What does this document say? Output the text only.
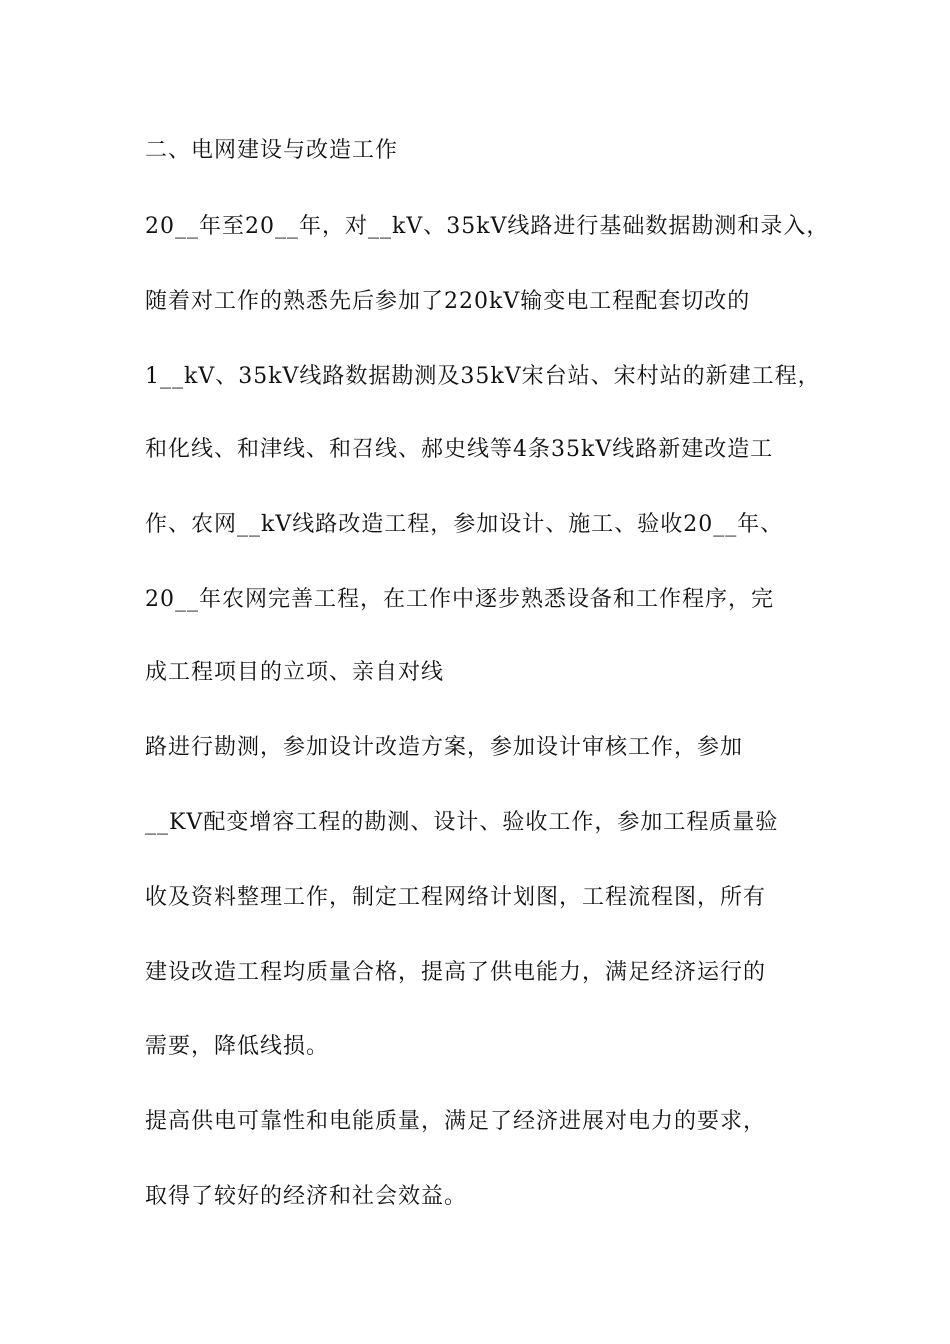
二、电网建设与改造工作
20__年至20__年，对__kV、35kV线路进行基础数据勘测和录入，
随着对工作的熟悉先后参加了220kV输变电工程配套切改的
1__kV、35kV线路数据勘测及35kV宋台站、宋村站的新建工程，
和化线、和津线、和召线、郝史线等4条35kV线路新建改造工
作、农网__kV线路改造工程，参加设计、施工、验收20__年、
20__年农网完善工程，在工作中逐步熟悉设备和工作程序，完
成工程项目的立项、亲自对线
路进行勘测，参加设计改造方案，参加设计审核工作，参加
__KV配变增容工程的勘测、设计、验收工作，参加工程质量验
收及资料整理工作，制定工程网络计划图，工程流程图，所有
建设改造工程均质量合格，提高了供电能力，满足经济运行的
需要，降低线损。
提高供电可靠性和电能质量，满足了经济进展对电力的要求，
取得了较好的经济和社会效益。
